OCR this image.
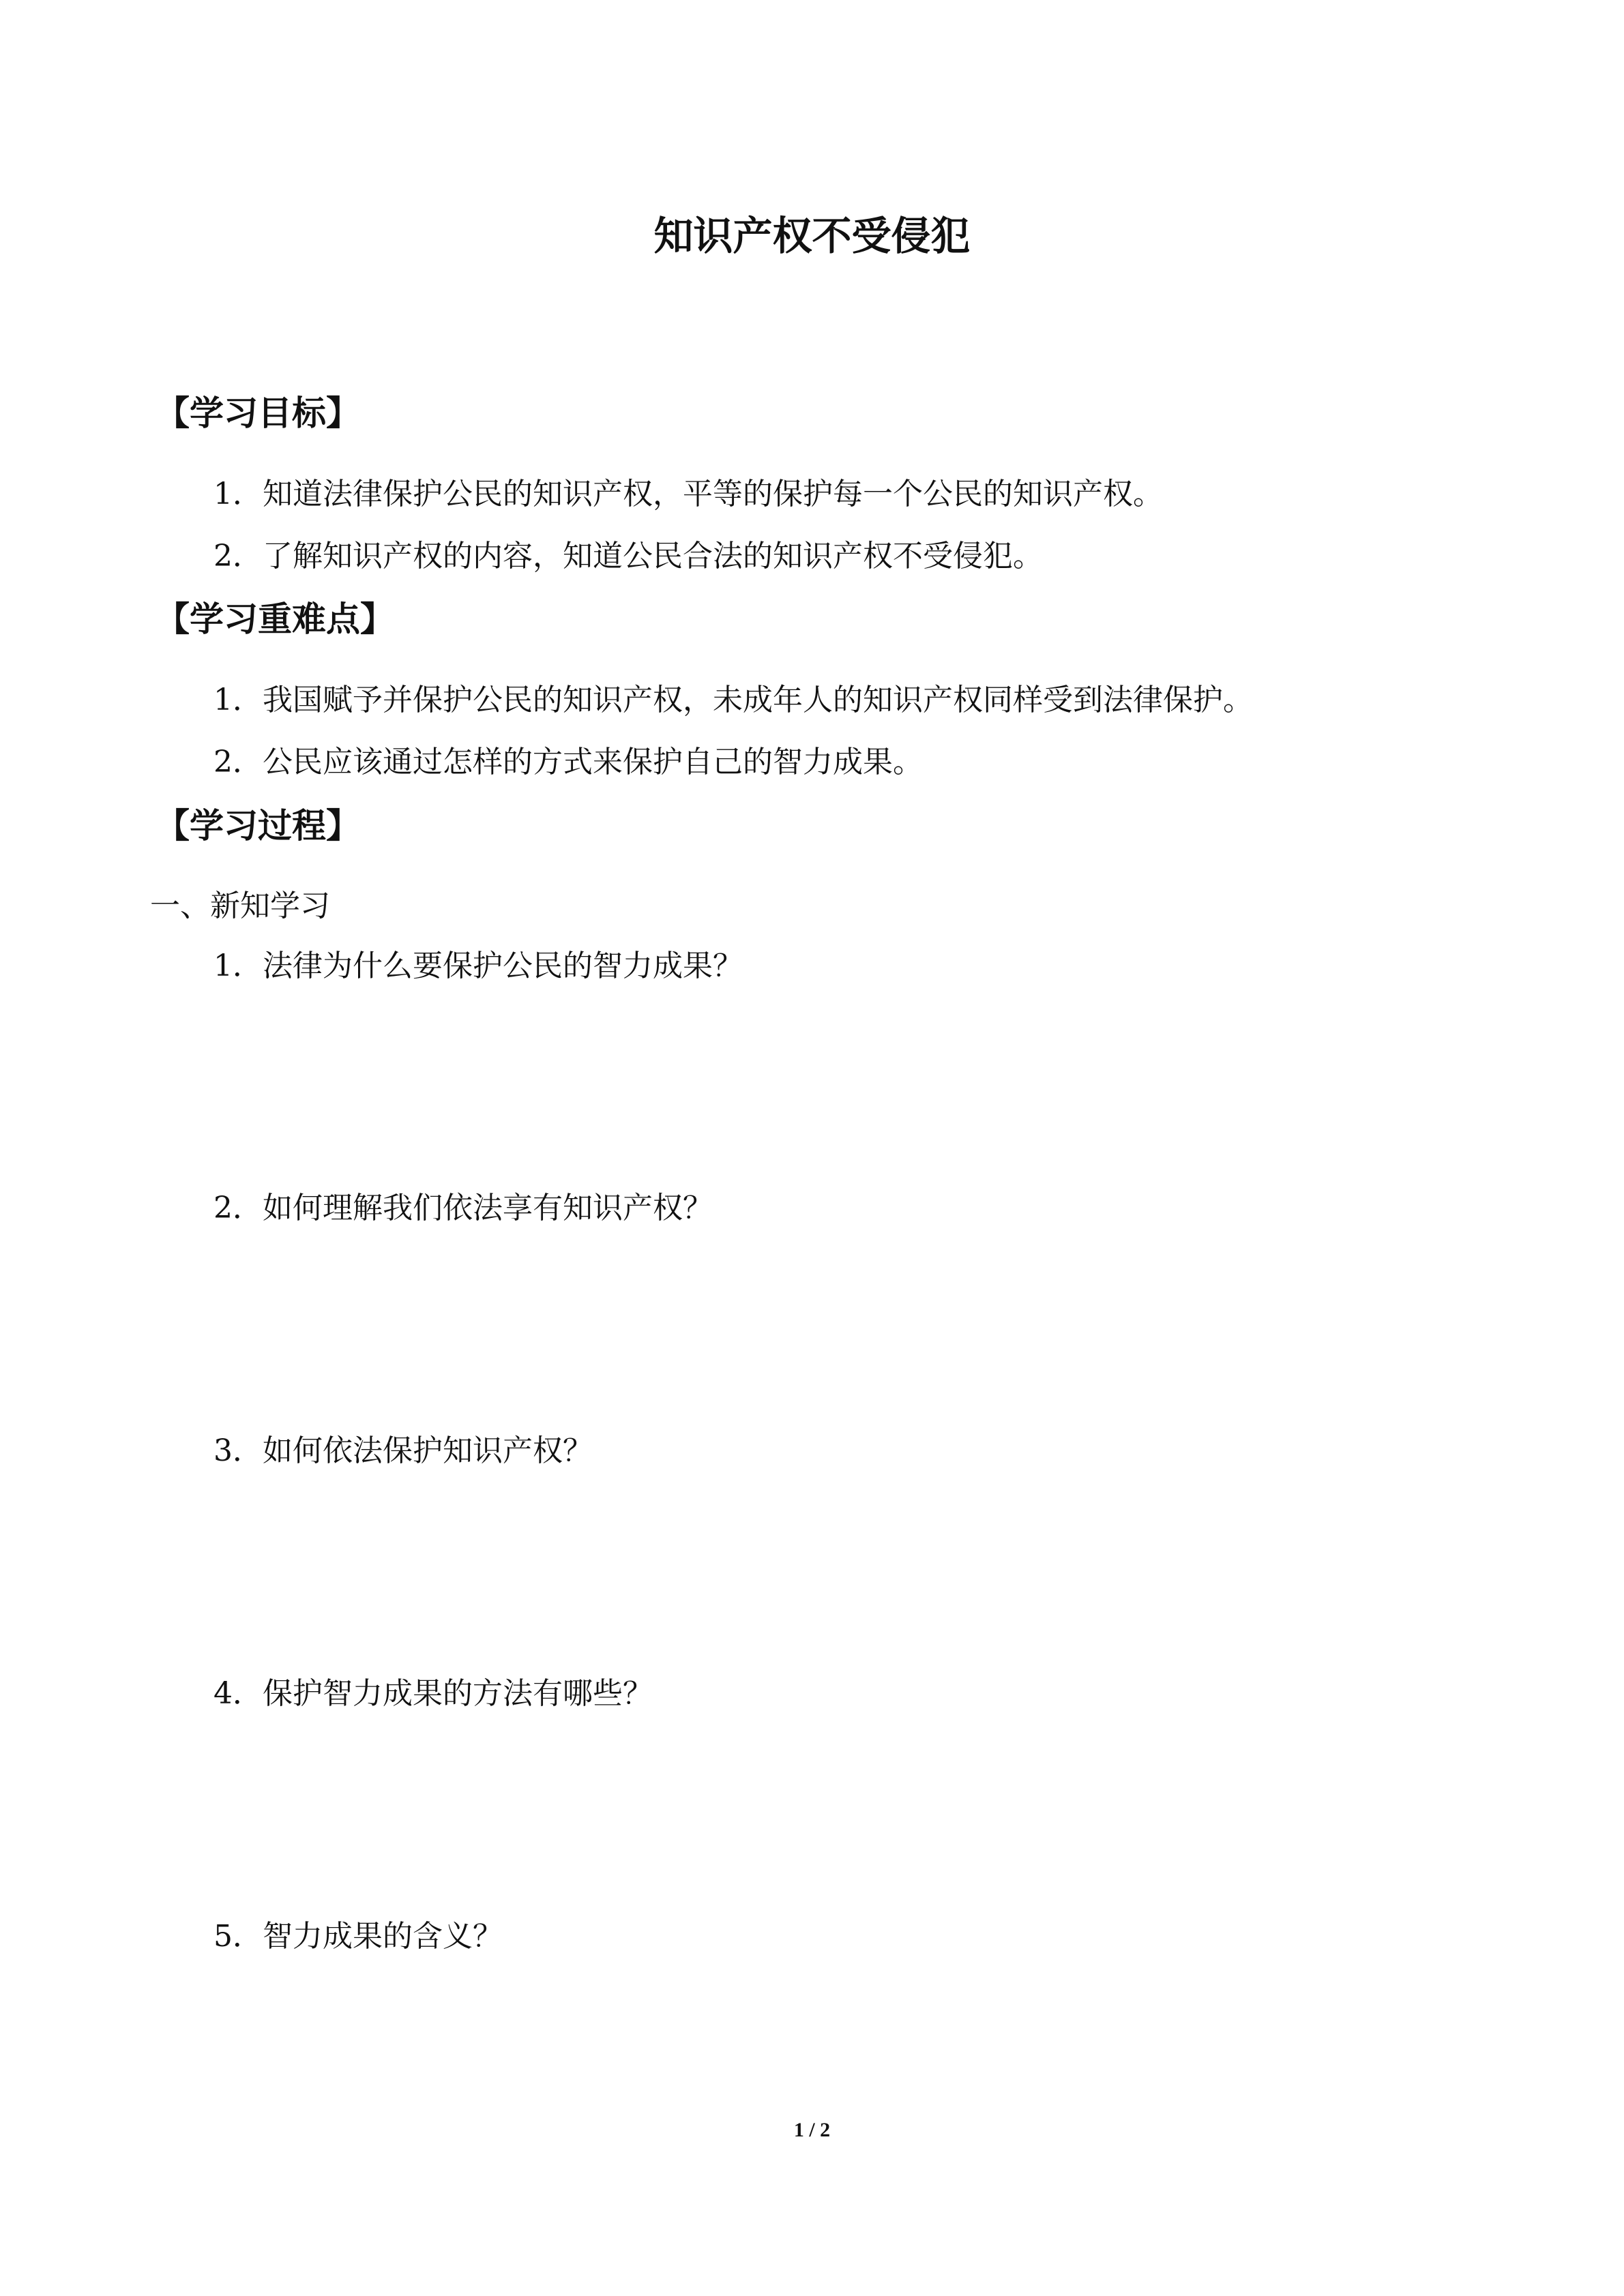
知识产权不受侵犯
【学习目标】

1．知道法律保护公民的知识产权，平等的保护每一个公民的知识产权。

2．了解知识产权的内容，知道公民合法的知识产权不受侵犯。

【学习重难点】

1．我国赋予并保护公民的知识产权，未成年人的知识产权同样受到法律保护。

2．公民应该通过怎样的方式来保护自己的智力成果。

【学习过程】

一、新知学习

1．法律为什么要保护公民的智力成果？

2．如何理解我们依法享有知识产权？

3．如何依法保护知识产权？

4．保护智力成果的方法有哪些？

5．智力成果的含义？

1 / 2
